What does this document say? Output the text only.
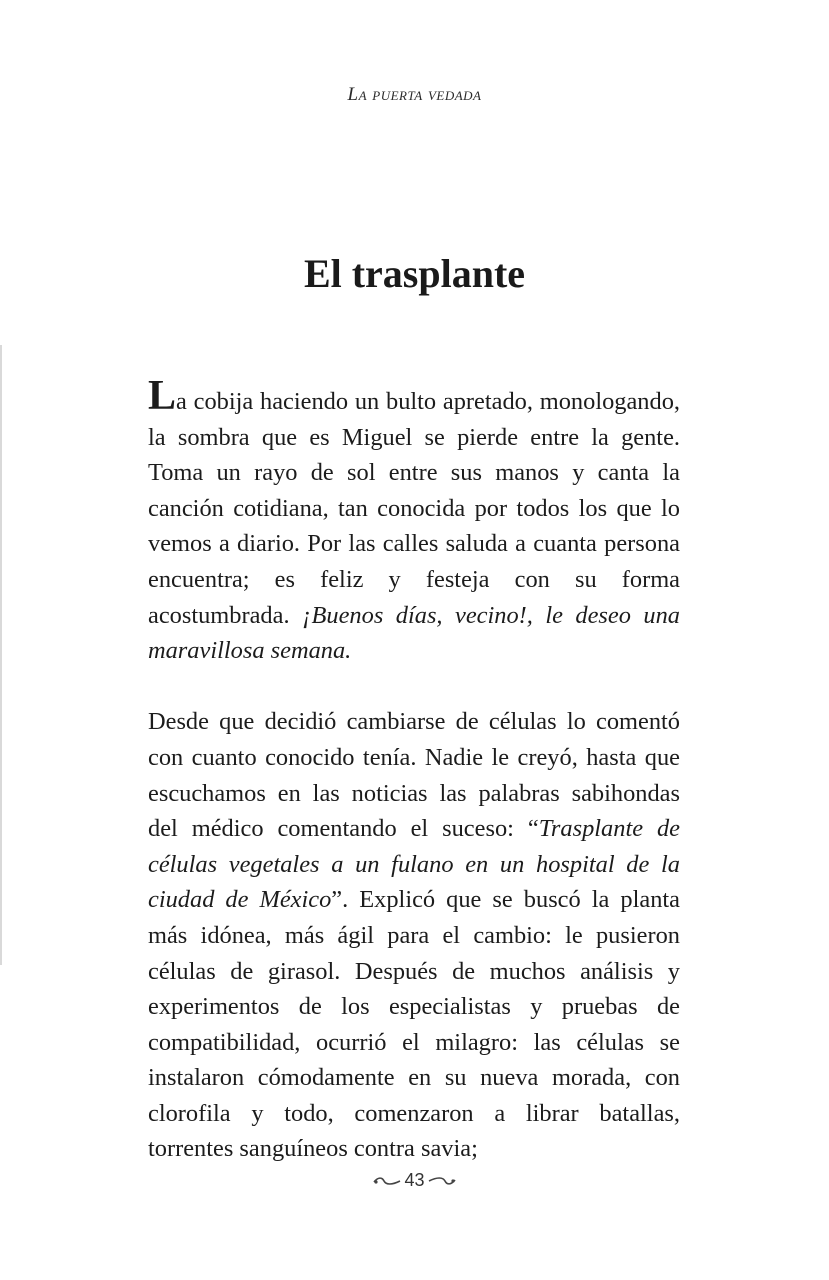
La puerta vedada
El trasplante

La cobija haciendo un bulto apretado, monologando, la sombra que es Miguel se pierde entre la gente. Toma un rayo de sol entre sus manos y canta la canción cotidiana, tan conocida por todos los que lo vemos a diario. Por las calles saluda a cuanta persona encuentra; es feliz y festeja con su forma acostumbrada. ¡Buenos días, vecino!, le deseo una maravillosa semana.

Desde que decidió cambiarse de células lo comentó con cuanto conocido tenía. Nadie le creyó, hasta que escuchamos en las noticias las palabras sabihondas del médico comentando el suceso: “Trasplante de células vegetales a un fulano en un hospital de la ciudad de México”. Explicó que se buscó la planta más idónea, más ágil para el cambio: le pusieron células de girasol. Después de muchos análisis y experimentos de los especialistas y pruebas de compatibilidad, ocurrió el milagro: las células se instalaron cómodamente en su nueva morada, con clorofila y todo, comenzaron a librar batallas, torrentes sanguíneos contra savia;

43
